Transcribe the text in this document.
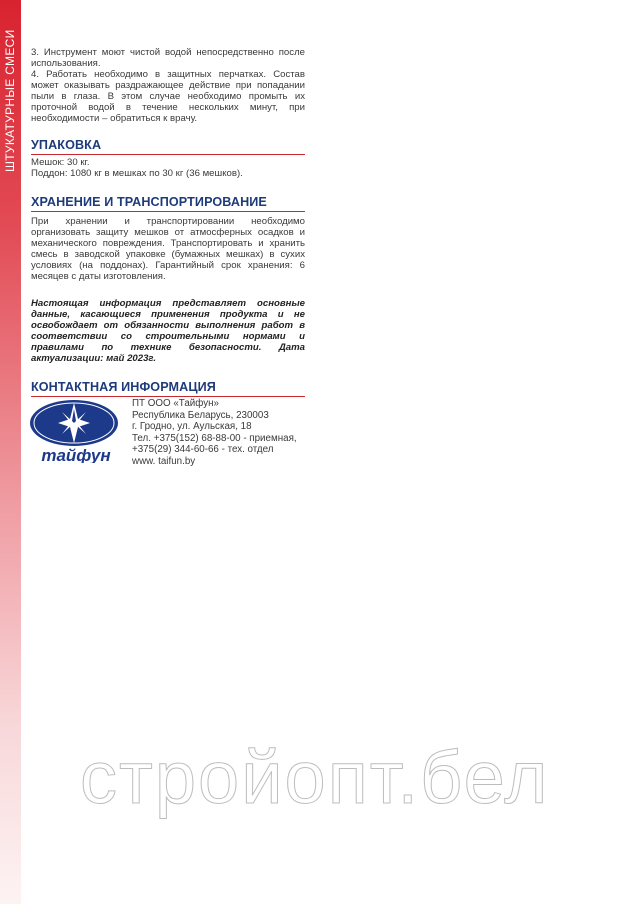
ШТУКАТУРНЫЕ СМЕСИ 3. Инструмент моют чистой водой непосредственно после использования.

4. Работать необходимо в защитных перчатках. Состав может оказывать раздражающее действие при попадании пыли в глаза. В этом случае необходимо промыть их проточной водой в течение нескольких минут, при необходимости – обратиться к врачу.

УПАКОВКА

Мешок: 30 кг.

Поддон: 1080 кг в мешках по 30 кг (36 мешков).

ХРАНЕНИЕ И ТРАНСПОРТИРОВАНИЕ

При хранении и транспортировании необходимо организовать защиту мешков от атмосферных осадков и механического повреждения. Транспортировать и хранить смесь в заводской упаковке (бумажных мешках) в сухих условиях (на поддонах). Гарантийный срок хранения: 6 месяцев с даты изготовления.

Настоящая информация представляет основные данные, касающиеся применения продукта и не освобождает от обязанности выполнения работ в соответствии со строительными нормами и правилами по технике безопасности. Дата актуализации: май 2023г.

КОНТАКТНАЯ ИНФОРМАЦИЯ
тайфун
ПТ ООО «Тайфун»
Республика Беларусь, 230003
г. Гродно, ул. Аульская, 18
Тел. +375(152) 68-88-00 - приемная,
+375(29) 344-60-66 - тех. отдел
www. taifun.by
стройопт.бел
